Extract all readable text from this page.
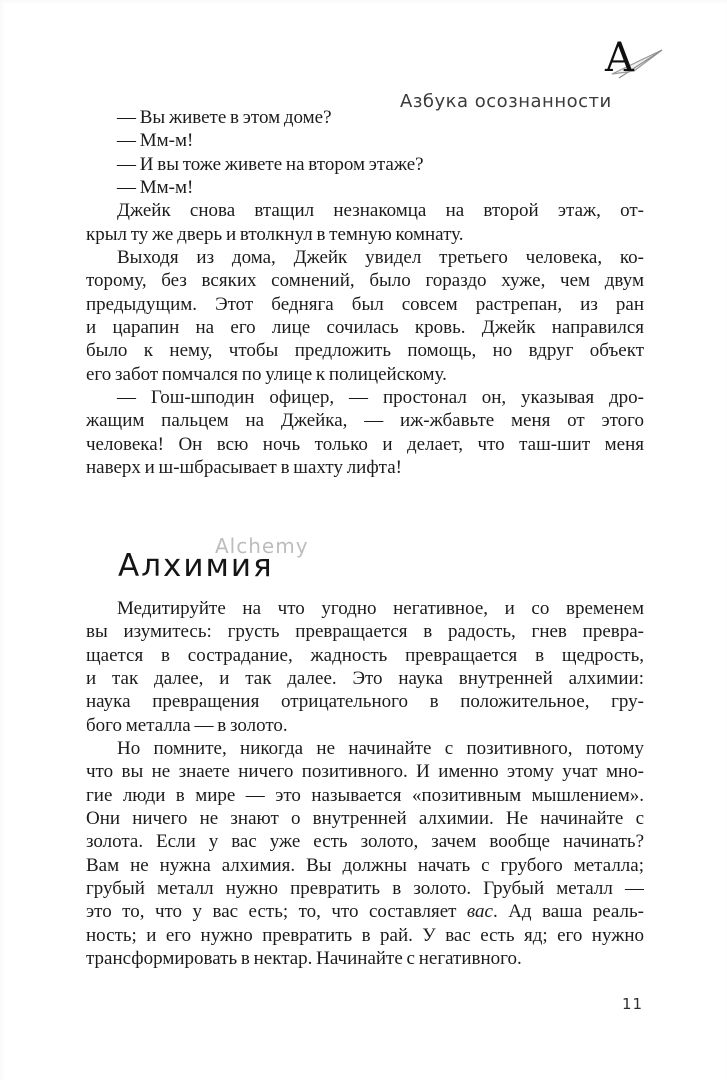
Азбука осознанности
A
— Вы живете в этом доме?
— Мм-м!
— И вы тоже живете на втором этаже?
— Мм-м!
Джейк снова втащил незнакомца на второй этаж, от-
крыл ту же дверь и втолкнул в темную комнату.
Выходя из дома, Джейк увидел третьего человека, ко-
торому, без всяких сомнений, было гораздо хуже, чем двум
предыдущим. Этот бедняга был совсем растрепан, из ран
и царапин на его лице сочилась кровь. Джейк направился
было к нему, чтобы предложить помощь, но вдруг объект
его забот помчался по улице к полицейскому.
— Гош-шподин офицер, — простонал он, указывая дро-
жащим пальцем на Джейка, — иж-жбавьте меня от этого
человека! Он всю ночь только и делает, что таш-шит меня
наверх и ш-шбрасывает в шахту лифта!
Alchemy
Алхимия
Медитируйте на что угодно негативное, и со временем
вы изумитесь: грусть превращается в радость, гнев превра-
щается в сострадание, жадность превращается в щедрость,
и так далее, и так далее. Это наука внутренней алхимии:
наука превращения отрицательного в положительное, гру-
бого металла — в золото.
Но помните, никогда не начинайте с позитивного, потому
что вы не знаете ничего позитивного. И именно этому учат мно-
гие люди в мире — это называется «позитивным мышлением».
Они ничего не знают о внутренней алхимии. Не начинайте с
золота. Если у вас уже есть золото, зачем вообще начинать?
Вам не нужна алхимия. Вы должны начать с грубого металла;
грубый металл нужно превратить в золото. Грубый металл —
это то, что у вас есть; то, что составляет вас. Ад ваша реаль-
ность; и его нужно превратить в рай. У вас есть яд; его нужно
трансформировать в нектар. Начинайте с негативного.
11
